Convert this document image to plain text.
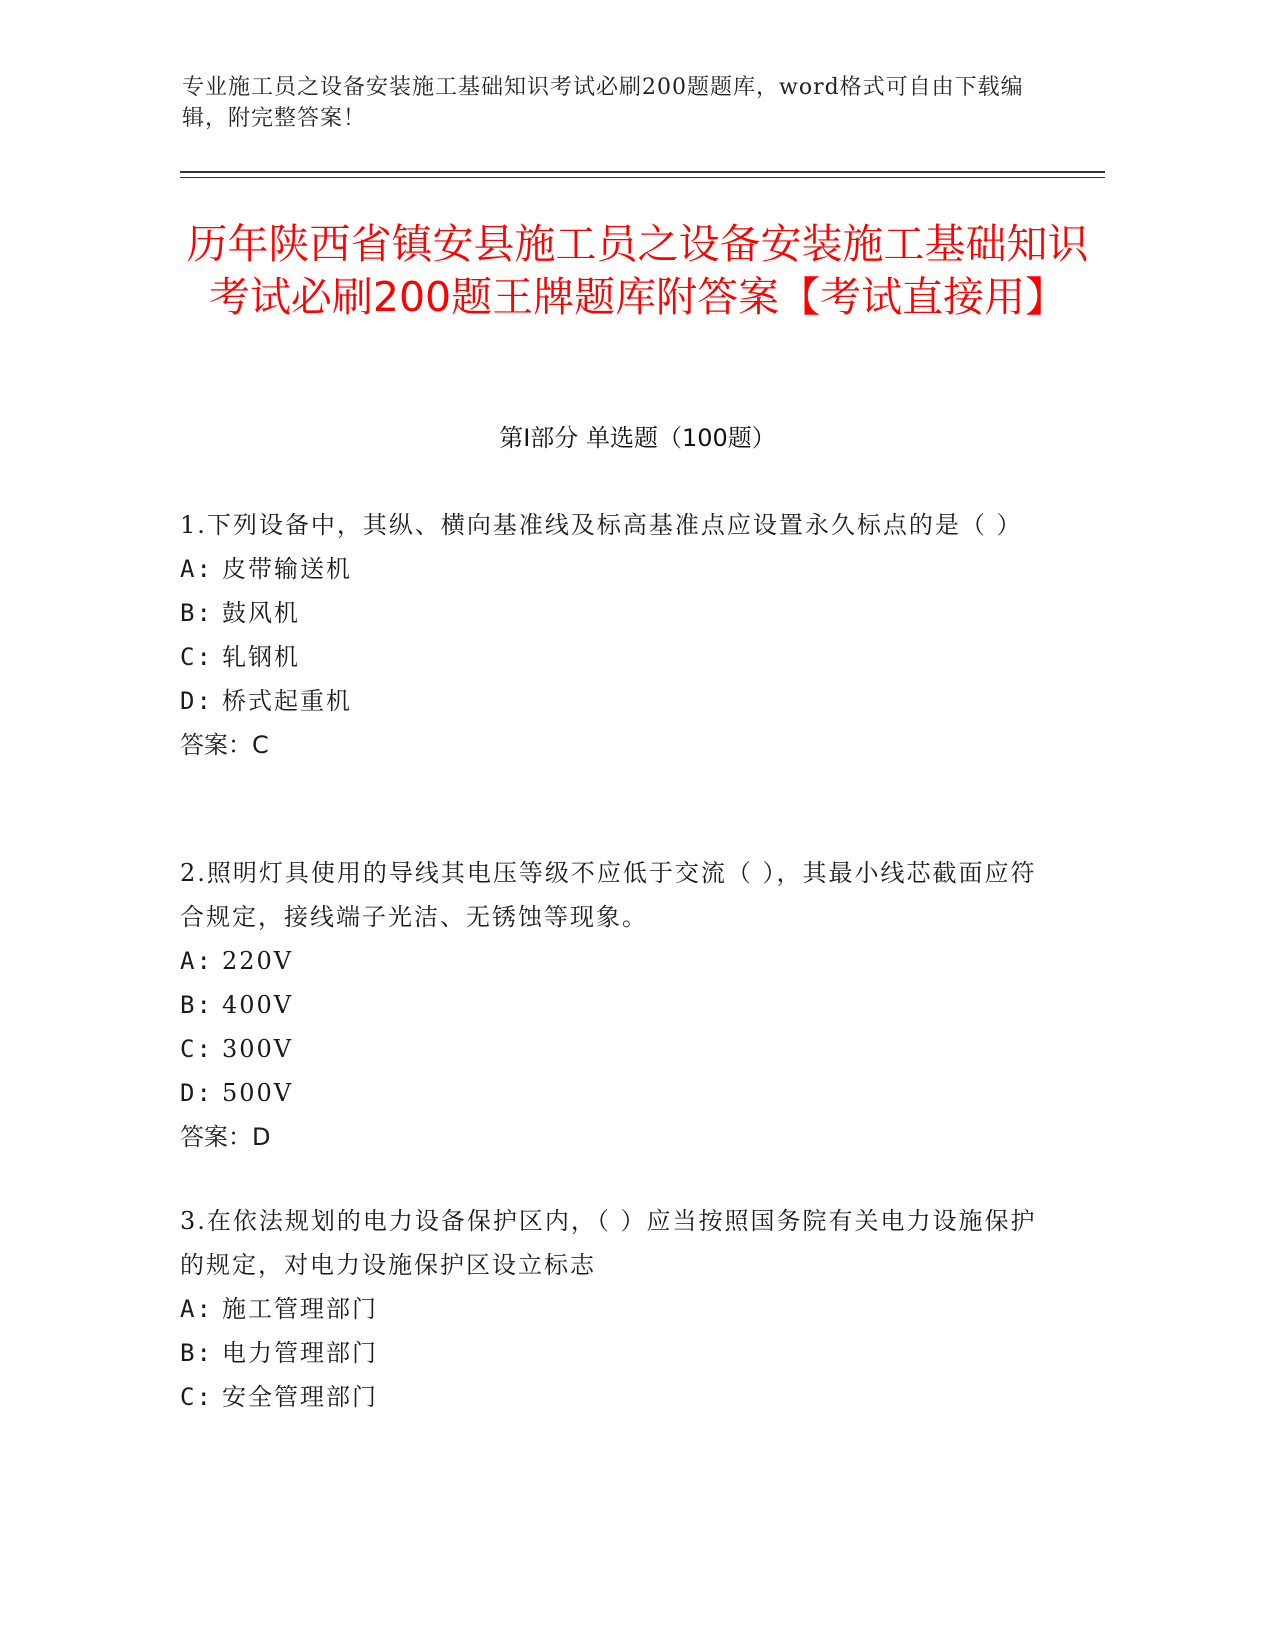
专业施工员之设备安装施工基础知识考试必刷200题题库，word格式可自由下载编辑，附完整答案！
历年陕西省镇安县施工员之设备安装施工基础知识考试必刷200题王牌题库附答案【考试直接用】
第Ⅰ部分 单选题（100题）
1.下列设备中，其纵、横向基准线及标高基准点应设置永久标点的是（ ）
A: 皮带输送机
B: 鼓风机
C: 轧钢机
D: 桥式起重机
答案：C
2.照明灯具使用的导线其电压等级不应低于交流（ ），其最小线芯截面应符合规定，接线端子光洁、无锈蚀等现象。
A: 220V
B: 400V
C: 300V
D: 500V
答案：D
3.在依法规划的电力设备保护区内，（ ）应当按照国务院有关电力设施保护的规定，对电力设施保护区设立标志
A: 施工管理部门
B: 电力管理部门
C: 安全管理部门
